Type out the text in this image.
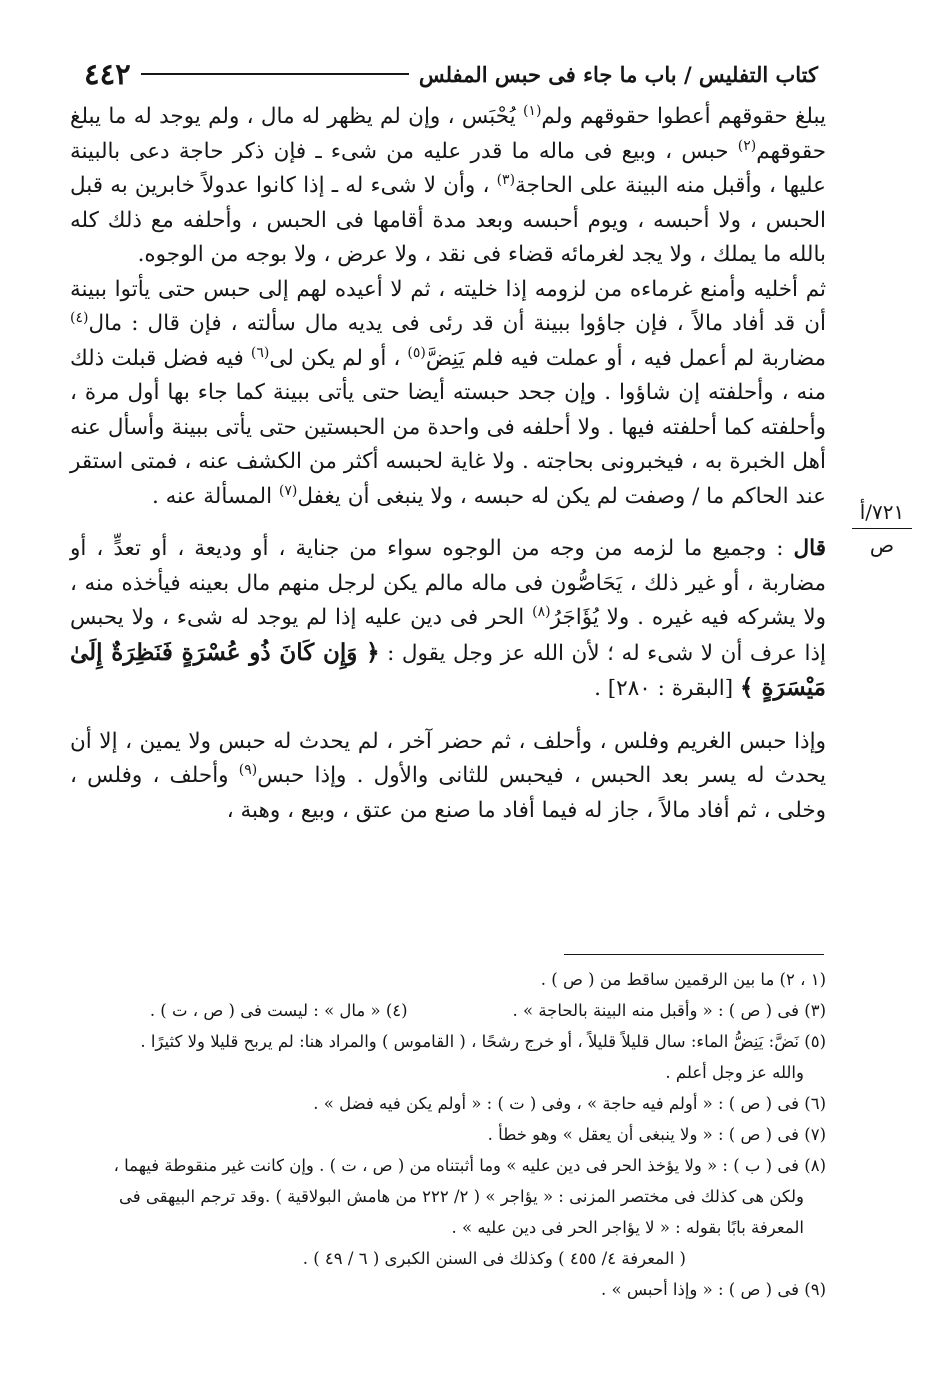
كتاب التفليس / باب ما جاء فى حبس المفلس
٤٤٢

يبلغ حقوقهم أعطوا حقوقهم ولم$^{(١)}$ يُحْبَس ، وإن لم يظهر له مال ، ولم يوجد له ما يبلغ حقوقهم$^{(٢)}$ حبس ، وبيع فى ماله ما قدر عليه من شىء ـ فإن ذكر حاجة دعى بالبينة عليها ، وأقبل منه البينة على الحاجة$^{(٣)}$ ، وأن لا شىء له ـ إذا كانوا عدولاً خابرين به قبل الحبس ، ولا أحبسه ، ويوم أحبسه وبعد مدة أقامها فى الحبس ، وأحلفه مع ذلك كله بالله ما يملك ، ولا يجد لغرمائه قضاء فى نقد ، ولا عرض ، ولا بوجه من الوجوه.

ثم أخليه وأمنع غرماءه من لزومه إذا خليته ، ثم لا أعيده لهم إلى حبس حتى يأتوا ببينة أن قد أفاد مالاً ، فإن جاؤوا ببينة أن قد رئى فى يديه مال سألته ، فإن قال : مال$^{(٤)}$ مضاربة لم أعمل فيه ، أو عملت فيه فلم يَنِضَّ$^{(٥)}$ ، أو لم يكن لى$^{(٦)}$ فيه فضل قبلت ذلك منه ، وأحلفته إن شاؤوا . وإن جحد حبسته أيضا حتى يأتى ببينة كما جاء بها أول مرة ، وأحلفته كما أحلفته فيها . ولا أحلفه فى واحدة من الحبستين حتى يأتى ببينة وأسأل عنه أهل الخبرة به ، فيخبرونى بحاجته . ولا غاية لحبسه أكثر من الكشف عنه ، فمتى استقر عند الحاكم ما / وصفت لم يكن له حبسه ، ولا ينبغى أن يغفل$^{(٧)}$ المسألة عنه .

قال : وجميع ما لزمه من وجه من الوجوه سواء من جناية ، أو وديعة ، أو تعدٍّ ، أو مضاربة ، أو غير ذلك ، يَحَاصُّون فى ماله مالم يكن لرجل منهم مال بعينه فيأخذه منه ، ولا يشركه فيه غيره . ولا يُؤَاجَرُ$^{(٨)}$ الحر فى دين عليه إذا لم يوجد له شىء ، ولا يحبس إذا عرف أن لا شىء له ؛ لأن الله عز وجل يقول : ﴿ وَإِن كَانَ ذُو عُسْرَةٍ فَنَظِرَةٌ إِلَىٰ مَيْسَرَةٍ ﴾ [البقرة : ٢٨٠] .

وإذا حبس الغريم وفلس ، وأحلف ، ثم حضر آخر ، لم يحدث له حبس ولا يمين ، إلا أن يحدث له يسر بعد الحبس ، فيحبس للثانى والأول . وإذا حبس$^{(٩)}$ وأحلف ، وفلس ، وخلى ، ثم أفاد مالاً ، جاز له فيما أفاد ما صنع من عتق ، وبيع ، وهبة ،

(١ ، ٢) ما بين الرقمين ساقط من ( ص ) .

(٣) فى ( ص ) : « وأقبل منه البينة بالحاجة » .                    (٤) « مال » : ليست فى ( ص ، ت ) .

(٥) نَضَّ: يَنِضُّ الماء: سال قليلاً قليلاً ، أو خرج رشحًا ، ( القاموس ) والمراد هنا: لم يربح قليلا ولا كثيرًا .

والله عز وجل أعلم .

(٦) فى ( ص ) : « أولم فيه حاجة » ، وفى ( ت ) : « أولم يكن فيه فضل » .

(٧) فى ( ص ) : « ولا ينبغى أن يعقل » وهو خطأ .

(٨) فى ( ب ) : « ولا يؤخذ الحر فى دين عليه » وما أثبتناه من ( ص ، ت ) . وإن كانت غير منقوطة فيهما ،

ولكن هى كذلك فى مختصر المزنى : « يؤاجر » ( ٢/ ٢٢٢ من هامش البولاقية ) .وقد ترجم البيهقى فى

المعرفة بابًا بقوله : « لا يؤاجر الحر فى دين عليه » .

( المعرفة ٤/ ٤٥٥ ) وكذلك فى السنن الكبرى ( ٦ / ٤٩ ) .

(٩) فى ( ص ) : « وإذا أحبس » .

٧٢١/أ
ص
